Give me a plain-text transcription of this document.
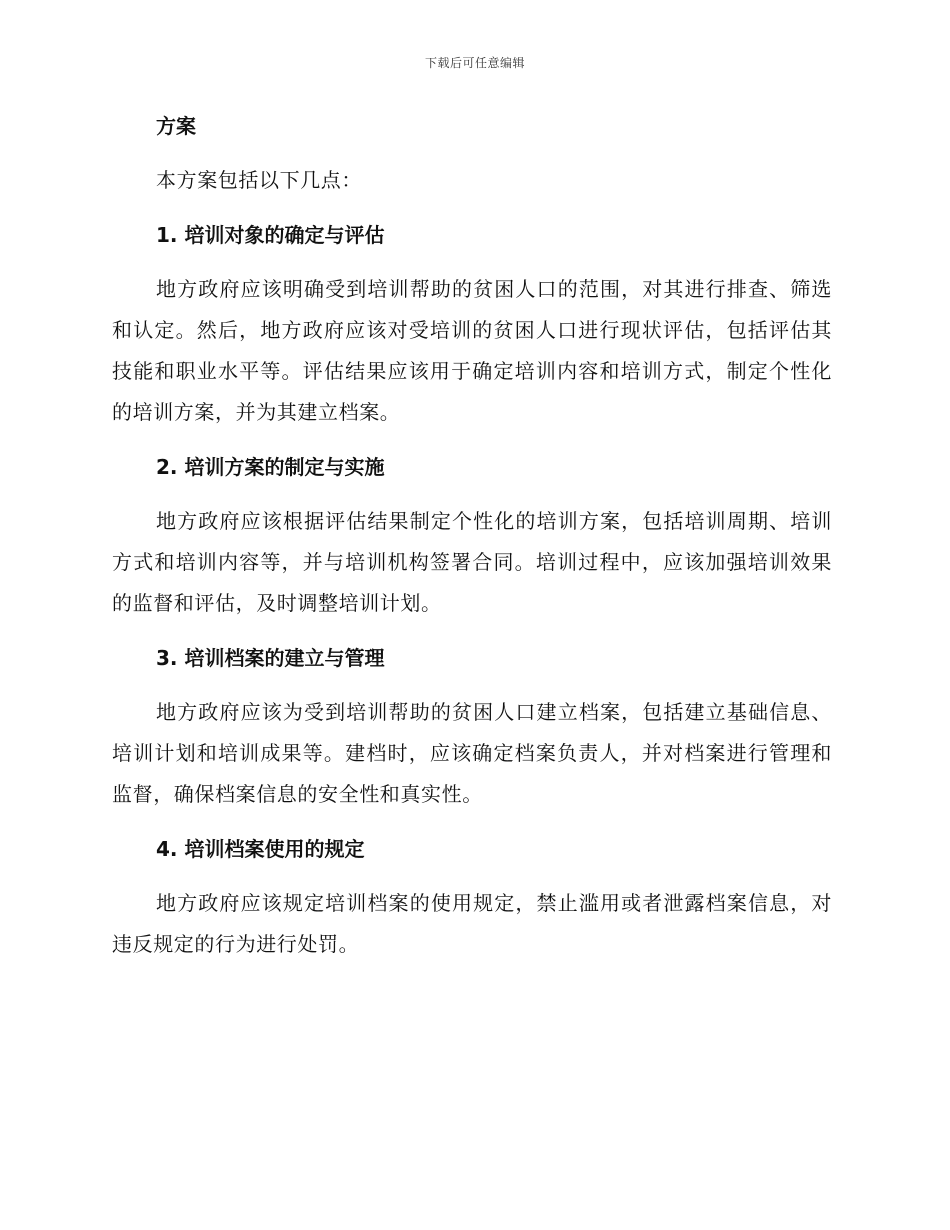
下载后可任意编辑
方案

本方案包括以下几点：

1. 培训对象的确定与评估

地方政府应该明确受到培训帮助的贫困人口的范围，对其进行排查、筛选和认定。然后，地方政府应该对受培训的贫困人口进行现状评估，包括评估其技能和职业水平等。评估结果应该用于确定培训内容和培训方式，制定个性化的培训方案，并为其建立档案。

2. 培训方案的制定与实施

地方政府应该根据评估结果制定个性化的培训方案，包括培训周期、培训方式和培训内容等，并与培训机构签署合同。培训过程中，应该加强培训效果的监督和评估，及时调整培训计划。

3. 培训档案的建立与管理

地方政府应该为受到培训帮助的贫困人口建立档案，包括建立基础信息、培训计划和培训成果等。建档时，应该确定档案负责人，并对档案进行管理和监督，确保档案信息的安全性和真实性。

4. 培训档案使用的规定

地方政府应该规定培训档案的使用规定，禁止滥用或者泄露档案信息，对违反规定的行为进行处罚。
